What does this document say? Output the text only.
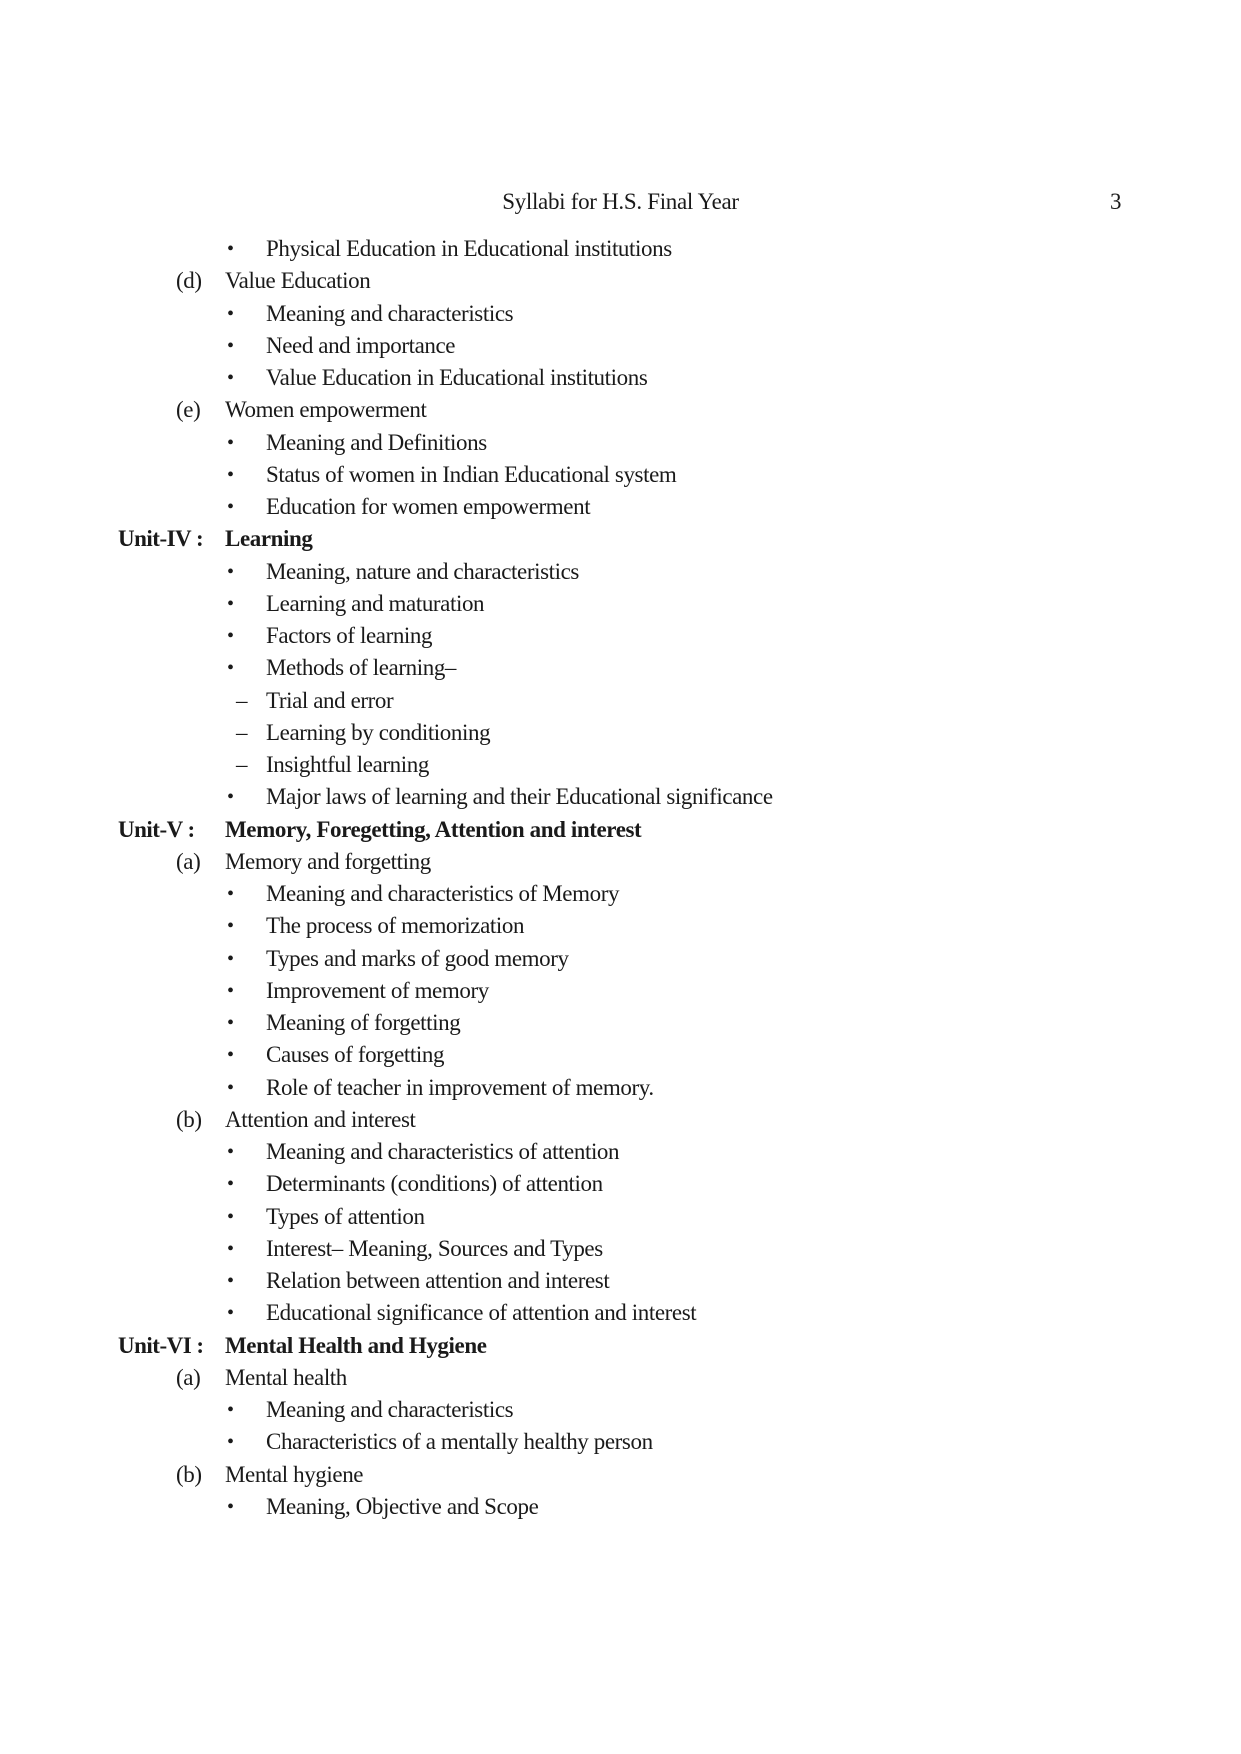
Syllabi for H.S. Final Year	3
• Physical Education in Educational institutions
(d) Value Education
• Meaning and characteristics
• Need and importance
• Value Education in Educational institutions
(e) Women empowerment
• Meaning and Definitions
• Status of women in Indian Educational system
• Education for women empowerment
Unit-IV : Learning
• Meaning, nature and characteristics
• Learning and maturation
• Factors of learning
• Methods of learning–
– Trial and error
– Learning by conditioning
– Insightful learning
• Major laws of learning and their Educational significance
Unit-V : Memory, Foregetting, Attention and interest
(a) Memory and forgetting
• Meaning and characteristics of Memory
• The process of memorization
• Types and marks of good memory
• Improvement of memory
• Meaning of forgetting
• Causes of forgetting
• Role of teacher in improvement of memory.
(b) Attention and interest
• Meaning and characteristics of attention
• Determinants (conditions) of attention
• Types of attention
• Interest– Meaning, Sources and Types
• Relation between attention and interest
• Educational significance of attention and interest
Unit-VI : Mental Health and Hygiene
(a) Mental health
• Meaning and characteristics
• Characteristics of a mentally healthy person
(b) Mental hygiene
• Meaning, Objective and Scope
